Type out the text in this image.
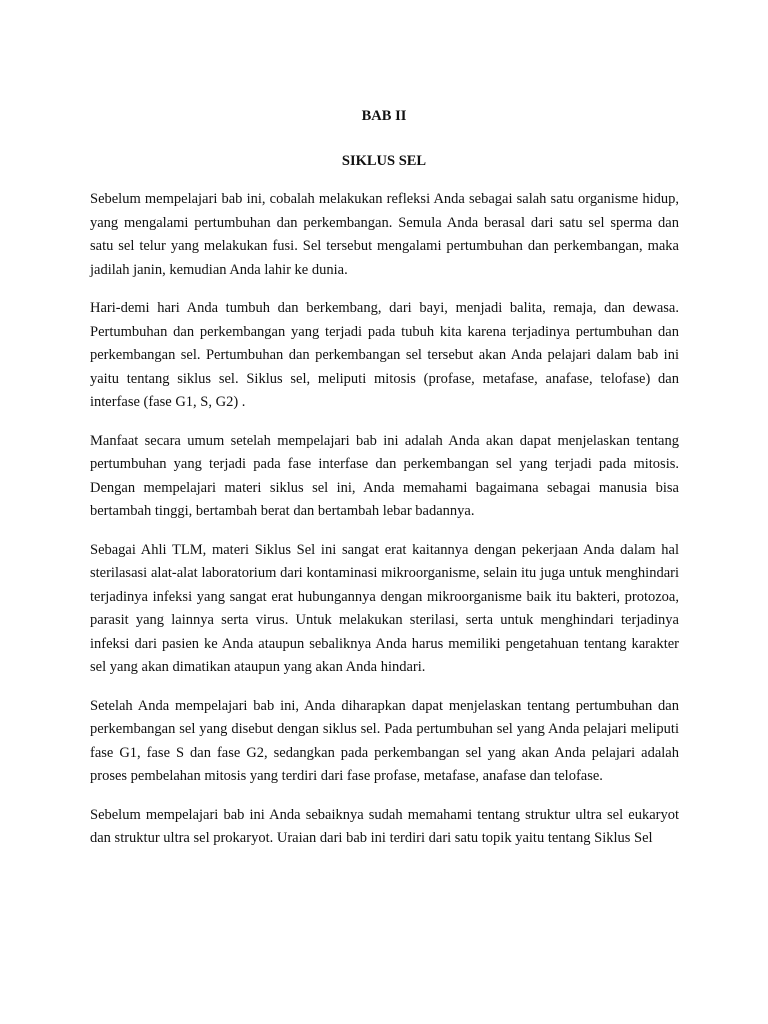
BAB II
SIKLUS SEL

Sebelum mempelajari bab ini, cobalah melakukan refleksi Anda sebagai salah satu organisme hidup, yang mengalami pertumbuhan dan perkembangan. Semula Anda berasal dari satu sel sperma dan satu sel telur yang melakukan fusi. Sel tersebut mengalami pertumbuhan dan perkembangan, maka jadilah janin, kemudian Anda lahir ke dunia.

Hari-demi hari Anda tumbuh dan berkembang, dari bayi, menjadi balita, remaja, dan dewasa. Pertumbuhan dan perkembangan yang terjadi pada tubuh kita karena terjadinya pertumbuhan dan perkembangan sel. Pertumbuhan dan perkembangan sel tersebut akan Anda pelajari dalam bab ini yaitu tentang siklus sel. Siklus sel, meliputi mitosis (profase, metafase, anafase, telofase) dan interfase (fase G1, S, G2) .

Manfaat secara umum setelah mempelajari bab ini adalah Anda akan dapat menjelaskan tentang pertumbuhan yang terjadi pada fase interfase dan perkembangan sel yang terjadi pada mitosis. Dengan mempelajari materi siklus sel ini, Anda memahami bagaimana sebagai manusia bisa bertambah tinggi, bertambah berat dan bertambah lebar badannya.

Sebagai Ahli TLM, materi Siklus Sel ini sangat erat kaitannya dengan pekerjaan Anda dalam hal sterilasasi alat-alat laboratorium dari kontaminasi mikroorganisme, selain itu juga untuk menghindari terjadinya infeksi yang sangat erat hubungannya dengan mikroorganisme baik itu bakteri, protozoa, parasit yang lainnya serta virus. Untuk melakukan sterilasi, serta untuk menghindari terjadinya infeksi dari pasien ke Anda ataupun sebaliknya Anda harus memiliki pengetahuan tentang karakter sel yang akan dimatikan ataupun yang akan Anda hindari.

Setelah Anda mempelajari bab ini, Anda diharapkan dapat menjelaskan tentang pertumbuhan dan perkembangan sel yang disebut dengan siklus sel. Pada pertumbuhan sel yang Anda pelajari meliputi fase G1, fase S dan fase G2, sedangkan pada perkembangan sel yang akan Anda pelajari adalah proses pembelahan mitosis yang terdiri dari fase profase, metafase, anafase dan telofase.

Sebelum mempelajari bab ini Anda sebaiknya sudah memahami tentang struktur ultra sel eukaryot dan struktur ultra sel prokaryot. Uraian dari bab ini terdiri dari satu topik yaitu tentang Siklus Sel
